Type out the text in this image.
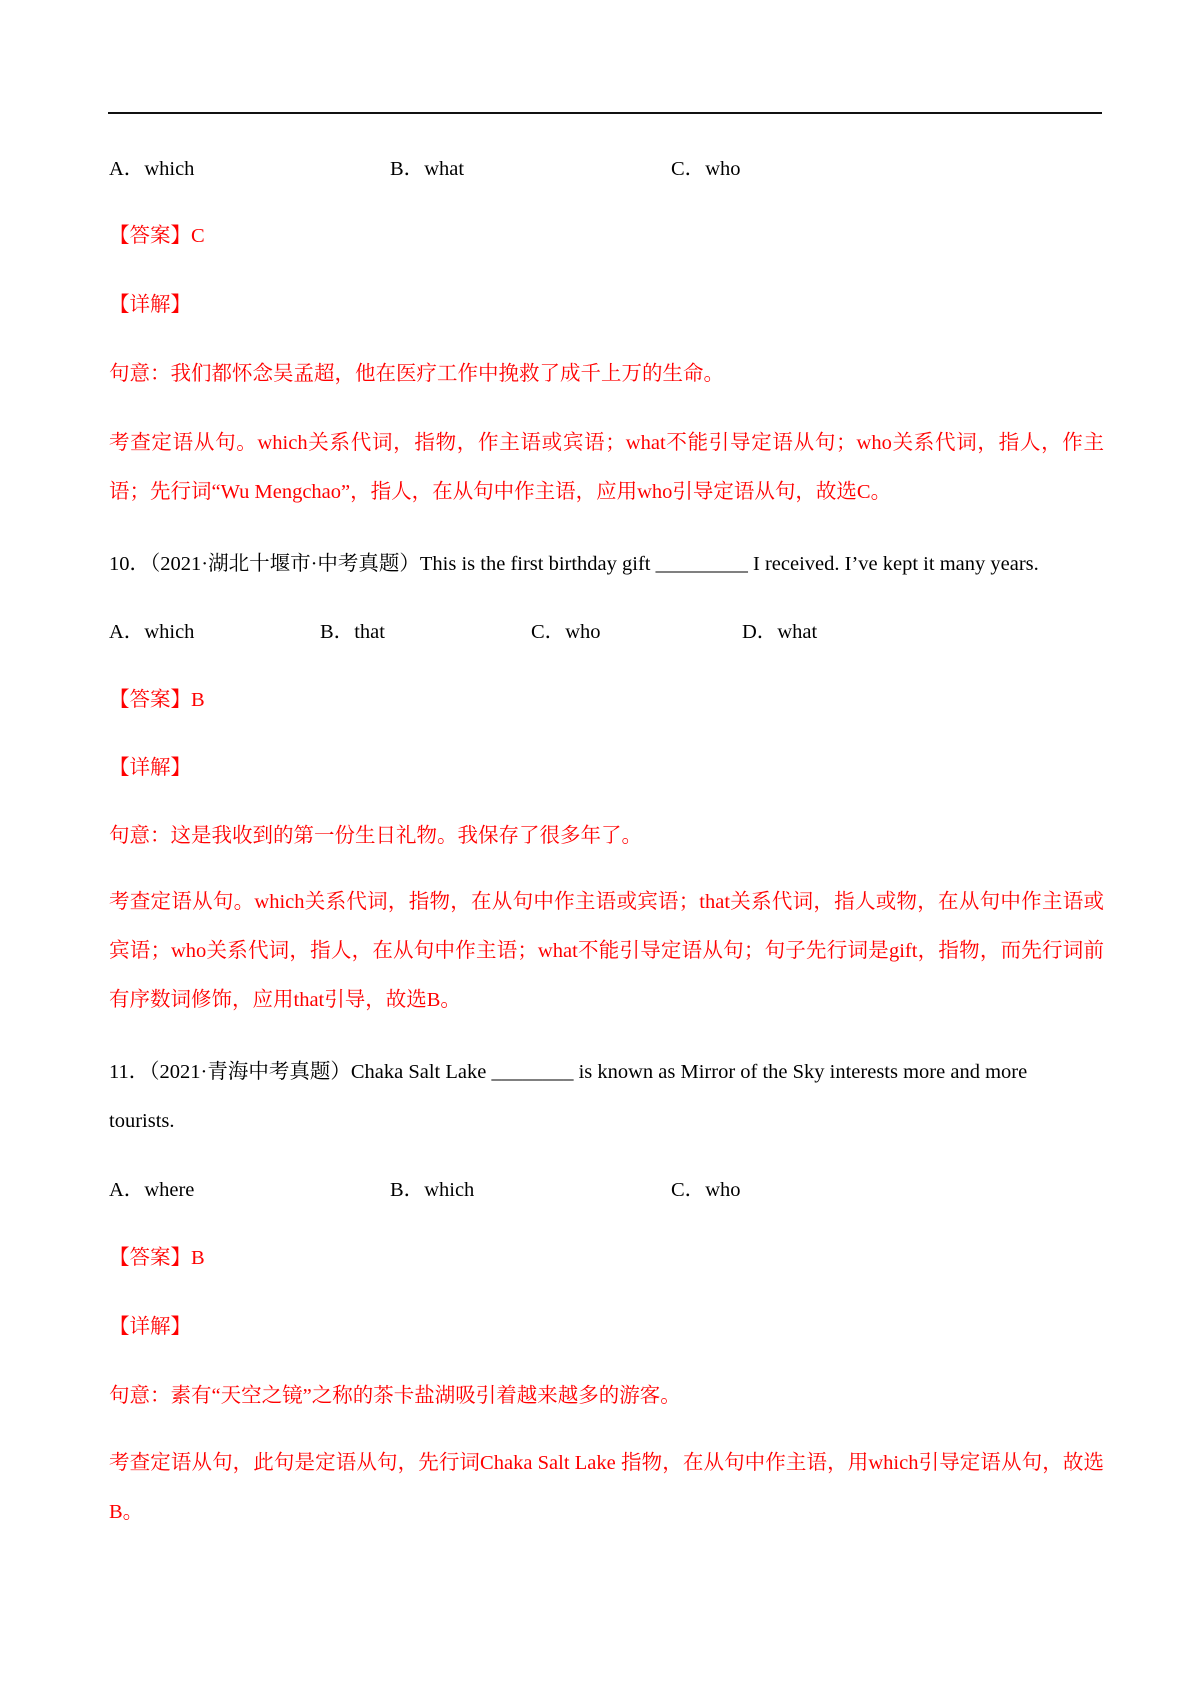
A．which	B．what	C．who
【答案】C
【详解】
句意：我们都怀念吴孟超，他在医疗工作中挽救了成千上万的生命。
考查定语从句。which关系代词，指物，作主语或宾语；what不能引导定语从句；who关系代词，指人，作主语；先行词“Wu Mengchao”，指人，在从句中作主语，应用who引导定语从句，故选C。
10．（2021·湖北十堰市·中考真题）This is the first birthday gift _________ I received. I’ve kept it many years.
A．which	B．that	C．who	D．what
【答案】B
【详解】
句意：这是我收到的第一份生日礼物。我保存了很多年了。
考查定语从句。which关系代词，指物，在从句中作主语或宾语；that关系代词，指人或物，在从句中作主语或宾语；who关系代词，指人，在从句中作主语；what不能引导定语从句；句子先行词是gift，指物，而先行词前有序数词修饰，应用that引导，故选B。
11．（2021·青海中考真题）Chaka Salt Lake ________ is known as Mirror of the Sky interests more and more
tourists.
A．where	B．which	C．who
【答案】B
【详解】
句意：素有“天空之镜”之称的茶卡盐湖吸引着越来越多的游客。
考查定语从句，此句是定语从句，先行词Chaka Salt Lake 指物，在从句中作主语，用which引导定语从句，故选B。
